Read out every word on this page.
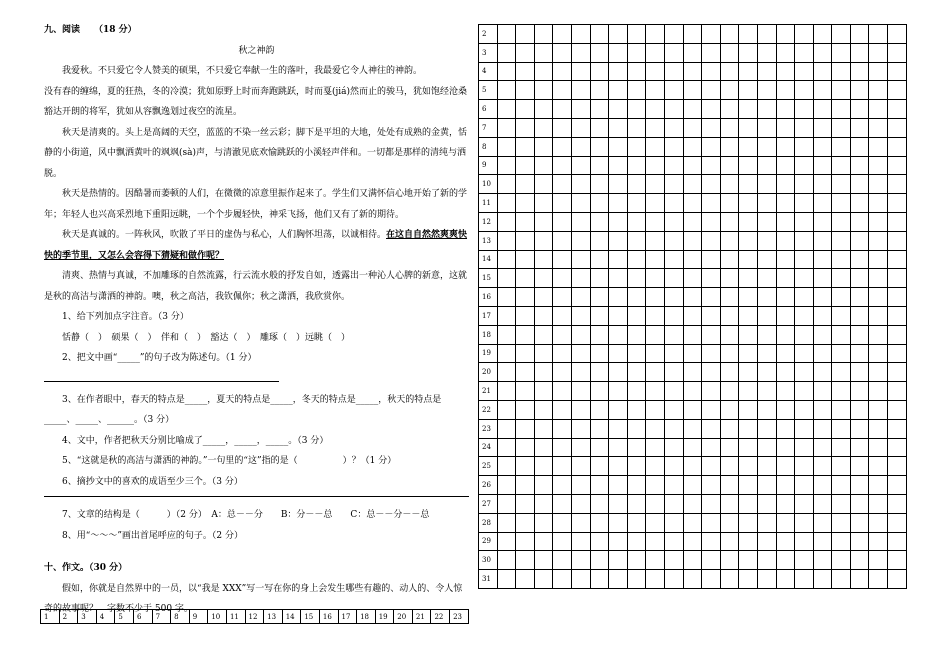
九、阅读 （18 分）

秋之神韵

我爱秋。不只爱它令人赞美的硕果，不只爱它奉献一生的落叶，我最爱它令人神往的神韵。

没有春的缠绵，夏的狂热，冬的冷漠；犹如原野上时而奔跑跳跃，时而戛(jiá)然而止的骏马，犹如饱经沧桑豁达开朗的将军，犹如从容飘逸划过夜空的流星。

秋天是清爽的。头上是高阔的天空，蓝蓝的不染一丝云彩；脚下是平坦的大地，处处有成熟的金黄，恬静的小街道，风中飘洒黄叶的飒飒(sà)声，与清澈见底欢愉跳跃的小溪轻声伴和。一切都是那样的清纯与洒脱。

秋天是热情的。因酷暑而萎顿的人们，在微微的凉意里振作起来了。学生们又满怀信心地开始了新的学年；年轻人也兴高采烈地下重阳远眺，一个个步履轻快，神采飞扬，他们又有了新的期待。

秋天是真诚的。一阵秋风，吹散了平日的虚伪与私心，人们胸怀坦荡，以诚相待。在这自自然然爽爽快快的季节里，又怎么会容得下猜疑和做作呢？

清爽、热情与真诚，不加雕琢的自然流露，行云流水般的抒发自如，透露出一种沁人心脾的新意，这就是秋的高洁与潇洒的神韵。噢，秋之高洁，我钦佩你；秋之潇洒，我欣赏你。

1、给下列加点字注音。（3 分）

恬静（　）　硕果（　）　伴和（　）　豁达（　）　雕琢（　）远眺（　）

2、把文中画“_____”的句子改为陈述句。（1 分）

3、在作者眼中，春天的特点是_____，夏天的特点是_____，冬天的特点是_____，秋天的特点是_____、_____、______。（3 分）

4、文中，作者把秋天分别比喻成了_____，_____，_____。（3 分）

5、“这就是秋的高洁与潇洒的神韵。”一句里的“这”指的是（　　　　　）？（1 分）

6、摘抄文中的喜欢的成语至少三个。（3 分）

7、文章的结构是（　　　）（2 分）　A：总－－分　　B：分－－总　　C：总－－分－－总

8、用“～～～”画出首尾呼应的句子。（2 分）

十、作文。（30 分）

假如，你就是自然界中的一员，以“我是 XXX”写一写在你的身上会发生哪些有趣的、动人的、令人惊奇的故事呢？　字数不少于 500 字。

1	2	3	4	5	6	7	8	9	10	11	12	13	14	15	16	17	18	19	20	21	22	23
2																						
3																						
4																						
5																						
6																						
7																						
8																						
9																						
10																						
11																						
12																						
13																						
14																						
15																						
16																						
17																						
18																						
19																						
20																						
21																						
22																						
23																						
24																						
25																						
26																						
27																						
28																						
29																						
30																						
31																						
